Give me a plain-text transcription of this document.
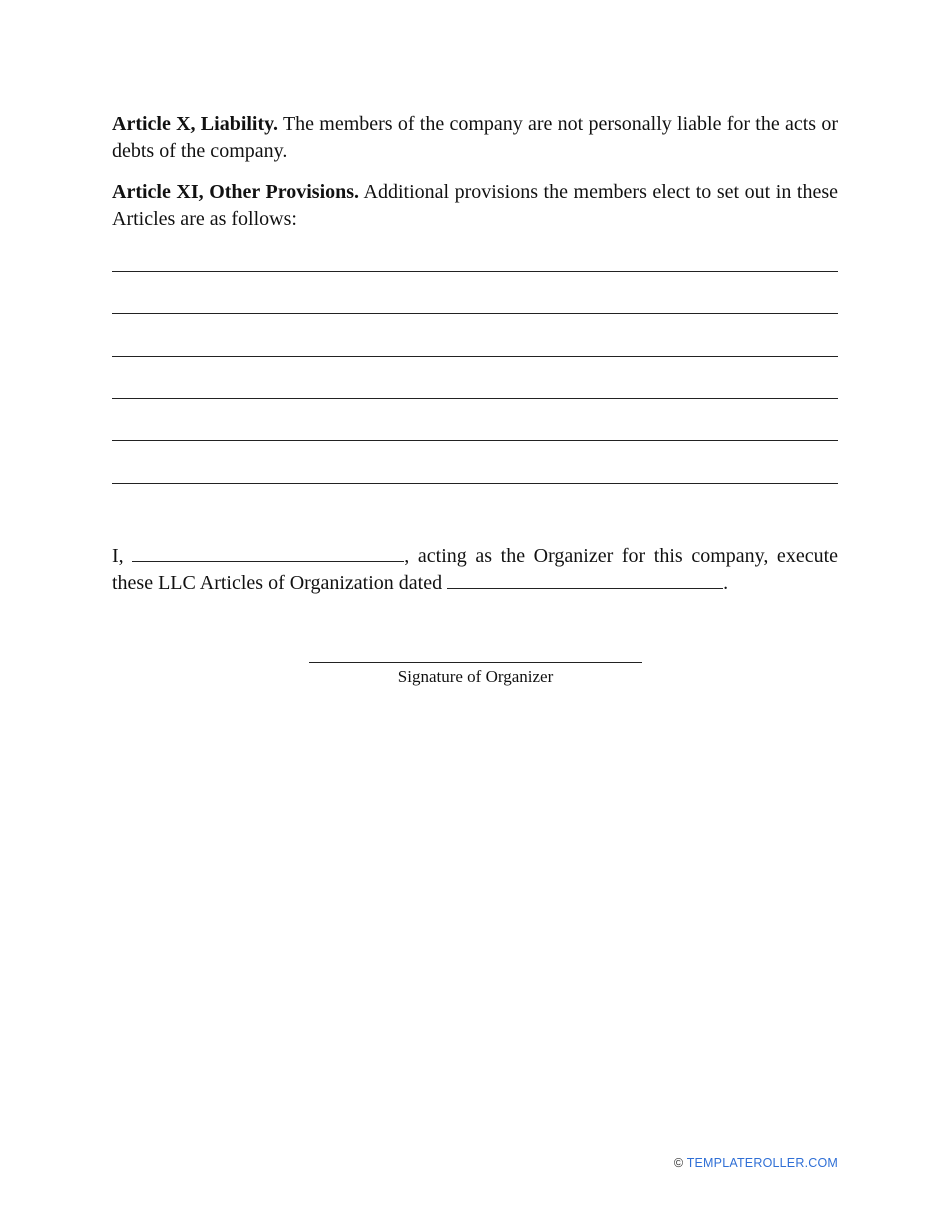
Article X, Liability. The members of the company are not personally liable for the acts or debts of the company.

Article XI, Other Provisions. Additional provisions the members elect to set out in these Articles are as follows:

I,	, acting as the Organizer for this company, execute these LLC Articles of Organization dated	.

Signature of Organizer
© TEMPLATEROLLER.COM
